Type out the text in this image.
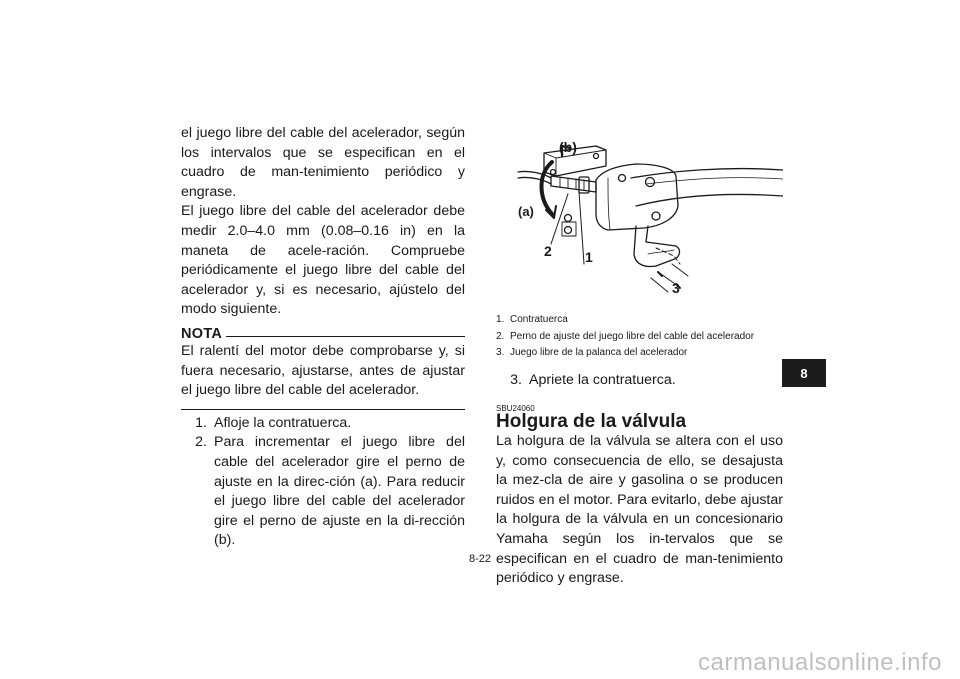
el juego libre del cable del acelerador, según los intervalos que se especifican en el cuadro de man-tenimiento periódico y engrase.

El juego libre del cable del acelerador debe medir 2.0–4.0 mm (0.08–0.16 in) en la maneta de acele-ración. Compruebe periódicamente el juego libre del cable del acelerador y, si es necesario, ajústelo del modo siguiente.

NOTA

El ralentí del motor debe comprobarse y, si fuera necesario, ajustarse, antes de ajustar el juego libre del cable del acelerador.

1. Afloje la contratuerca.
2. Para incrementar el juego libre del cable del acelerador gire el perno de ajuste en la direc-ción (a). Para reducir el juego libre del cable del acelerador gire el perno de ajuste en la di-rección (b).
(a)
(b)
1
2
3
1. Contratuerca
2. Perno de ajuste del juego libre del cable del acelerador
3. Juego libre de la palanca del acelerador
3. Apriete la contratuerca.
SBU24060
Holgura de la válvula

La holgura de la válvula se altera con el uso y, como consecuencia de ello, se desajusta la mez-cla de aire y gasolina o se producen ruidos en el motor. Para evitarlo, debe ajustar la holgura de la válvula en un concesionario Yamaha según los in-tervalos que se especifican en el cuadro de man-tenimiento periódico y engrase.

8
8-22
carmanualsonline.info
